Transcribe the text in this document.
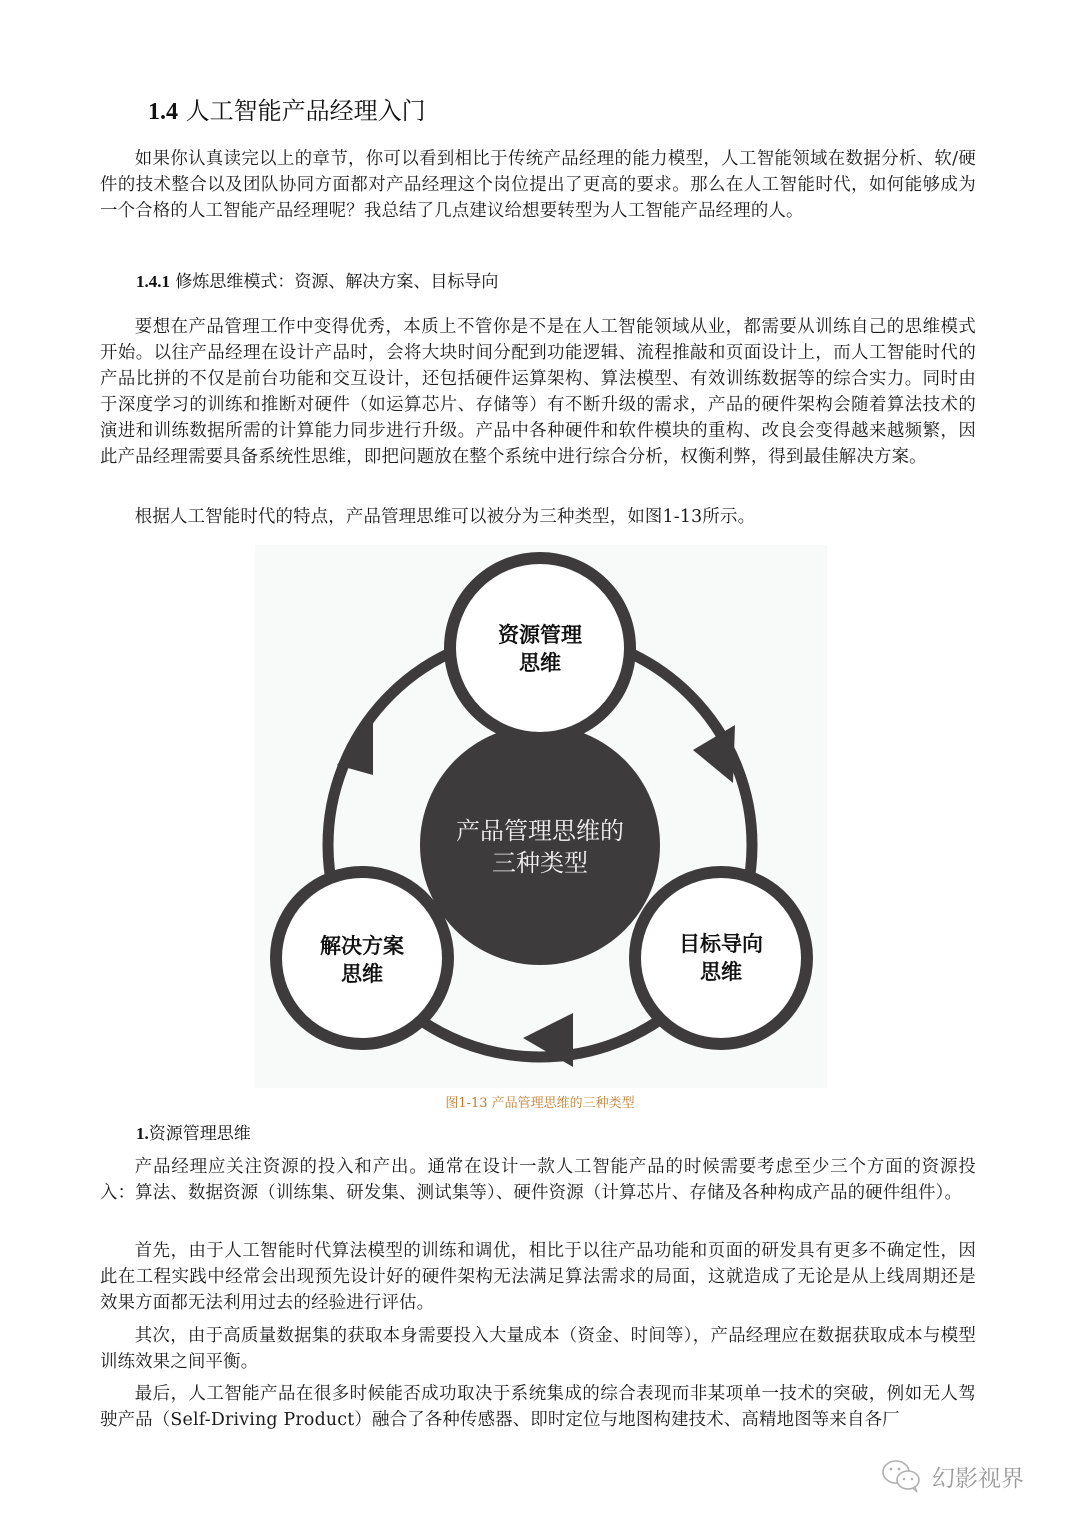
1.4 人工智能产品经理入门

如果你认真读完以上的章节，你可以看到相比于传统产品经理的能力模型，人工智能领域在数据分析、软/硬件的技术整合以及团队协同方面都对产品经理这个岗位提出了更高的要求。那么在人工智能时代，如何能够成为一个合格的人工智能产品经理呢？我总结了几点建议给想要转型为人工智能产品经理的人。

1.4.1 修炼思维模式：资源、解决方案、目标导向

要想在产品管理工作中变得优秀，本质上不管你是不是在人工智能领域从业，都需要从训练自己的思维模式开始。以往产品经理在设计产品时，会将大块时间分配到功能逻辑、流程推敲和页面设计上，而人工智能时代的产品比拼的不仅是前台功能和交互设计，还包括硬件运算架构、算法模型、有效训练数据等的综合实力。同时由于深度学习的训练和推断对硬件（如运算芯片、存储等）有不断升级的需求，产品的硬件架构会随着算法技术的演进和训练数据所需的计算能力同步进行升级。产品中各种硬件和软件模块的重构、改良会变得越来越频繁，因此产品经理需要具备系统性思维，即把问题放在整个系统中进行综合分析，权衡利弊，得到最佳解决方案。

根据人工智能时代的特点，产品管理思维可以被分为三种类型，如图1-13所示。

产品管理思维的
三种类型
资源管理
思维
目标导向
思维
解决方案
思维
图1-13 产品管理思维的三种类型
1.资源管理思维

产品经理应关注资源的投入和产出。通常在设计一款人工智能产品的时候需要考虑至少三个方面的资源投入：算法、数据资源（训练集、研发集、测试集等）、硬件资源（计算芯片、存储及各种构成产品的硬件组件）。

首先，由于人工智能时代算法模型的训练和调优，相比于以往产品功能和页面的研发具有更多不确定性，因此在工程实践中经常会出现预先设计好的硬件架构无法满足算法需求的局面，这就造成了无论是从上线周期还是效果方面都无法利用过去的经验进行评估。

其次，由于高质量数据集的获取本身需要投入大量成本（资金、时间等），产品经理应在数据获取成本与模型训练效果之间平衡。

最后，人工智能产品在很多时候能否成功取决于系统集成的综合表现而非某项单一技术的突破，例如无人驾驶产品（Self-Driving Product）融合了各种传感器、即时定位与地图构建技术、高精地图等来自各厂

幻影视界
